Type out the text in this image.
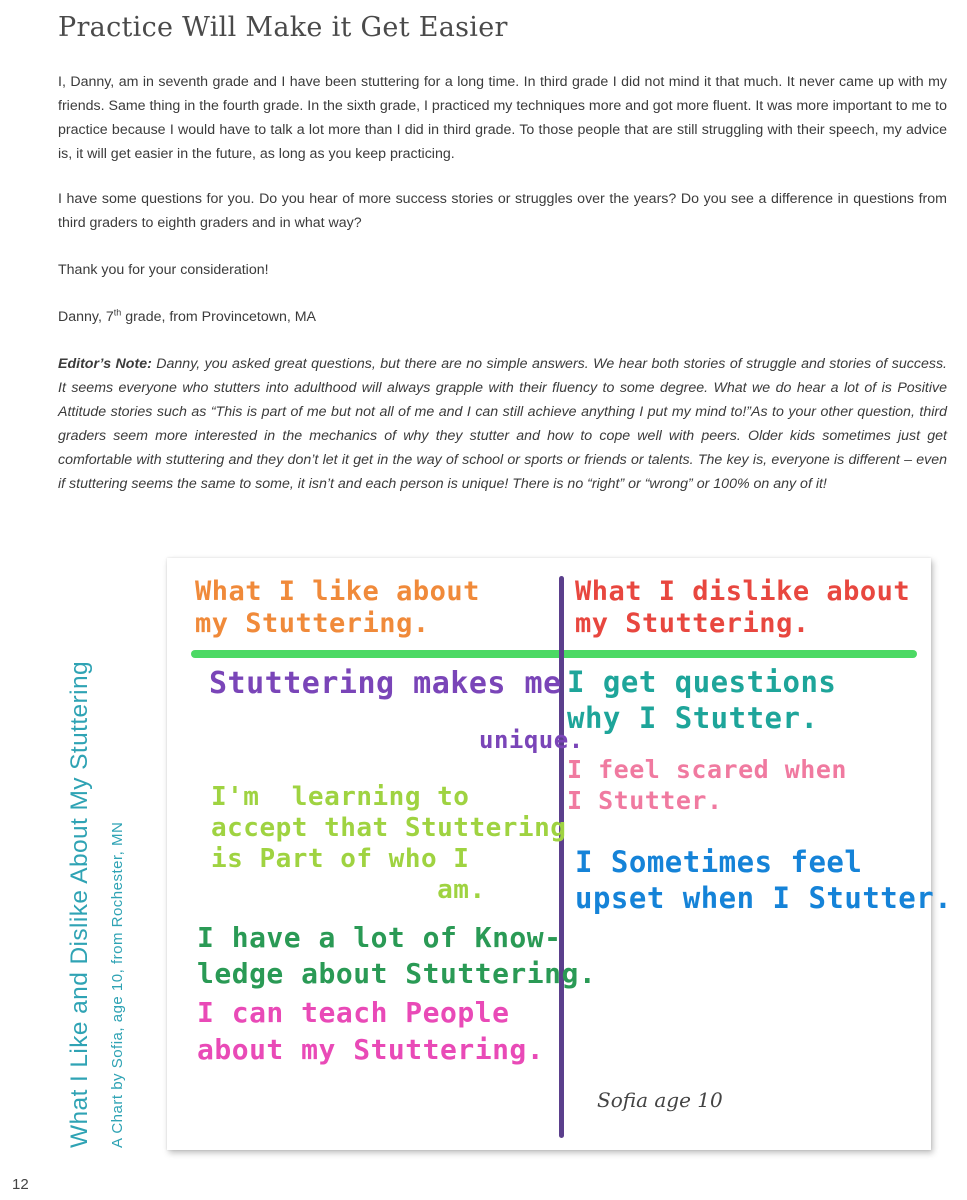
Practice Will Make it Get Easier

I, Danny, am in seventh grade and I have been stuttering for a long time. In third grade I did not mind it that much. It never came up with my friends. Same thing in the fourth grade. In the sixth grade, I practiced my techniques more and got more fluent. It was more important to me to practice because I would have to talk a lot more than I did in third grade. To those people that are still struggling with their speech, my advice is, it will get easier in the future, as long as you keep practicing.

I have some questions for you. Do you hear of more success stories or struggles over the years? Do you see a difference in questions from third graders to eighth graders and in what way?

Thank you for your consideration!

Danny, 7th grade, from Provincetown, MA

Editor’s Note: Danny, you asked great questions, but there are no simple answers. We hear both stories of struggle and stories of success. It seems everyone who stutters into adulthood will always grapple with their fluency to some degree. What we do hear a lot of is Positive Attitude stories such as “This is part of me but not all of me and I can still achieve anything I put my mind to!”As to your other question, third graders seem more interested in the mechanics of why they stutter and how to cope well with peers. Older kids sometimes just get comfortable with stuttering and they don’t let it get in the way of school or sports or friends or talents. The key is, everyone is different – even if stuttering seems the same to some, it isn’t and each person is unique! There is no “right” or “wrong” or 100% on any of it!

What I Like and Dislike About My Stuttering	A Chart by Sofia, age 10, from Rochester, MN
What I like about
my Stuttering.
What I dislike about
my Stuttering.
Stuttering makes me
unique.
I'm  learning to
accept that Stuttering
is Part of who I
am.
I have a lot of Know-
ledge about Stuttering.
I can teach People
about my Stuttering.
I get questions
why I Stutter.
I feel scared when
I Stutter.
I Sometimes feel
upset when I Stutter.
Sofia age 10
12
